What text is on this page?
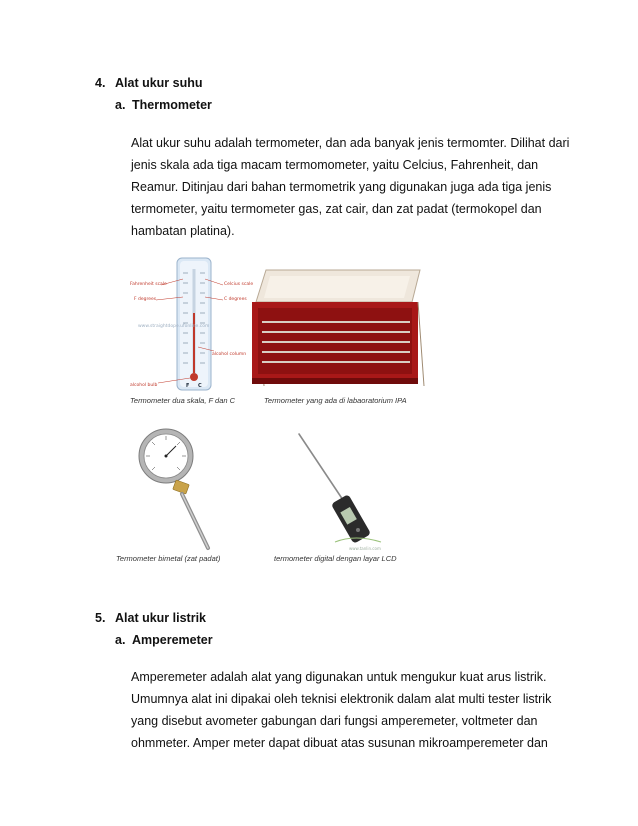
4. Alat ukur suhu
a. Thermometer
Alat ukur suhu adalah termometer, dan ada banyak jenis termomter. Dilihat dari
jenis skala ada tiga macam termomometer, yaitu Celcius, Fahrenheit, dan
Reamur. Ditinjau dari bahan termometrik yang digunakan juga ada tiga jenis
termometer, yaitu termometer gas, zat cair, dan zat padat (termokopel dan
hambatan platina).
F C
Fahrenheit scale
F degrees
Celcius scale
C degrees
alcohol column
alcohol bulb
www.straightdope.ufonline.com
Termometer dua skala, F dan C	Termometer yang ada di labaoratorium IPA
Termometer bimetal (zat padat)
www.tanlin.com
termometer digital dengan layar LCD
5. Alat ukur listrik
a. Amperemeter
Amperemeter adalah alat yang digunakan untuk mengukur kuat arus listrik.
Umumnya alat ini dipakai oleh teknisi elektronik dalam alat multi tester listrik
yang disebut avometer gabungan dari fungsi amperemeter, voltmeter dan
ohmmeter. Amper meter dapat dibuat atas susunan mikroamperemeter dan
